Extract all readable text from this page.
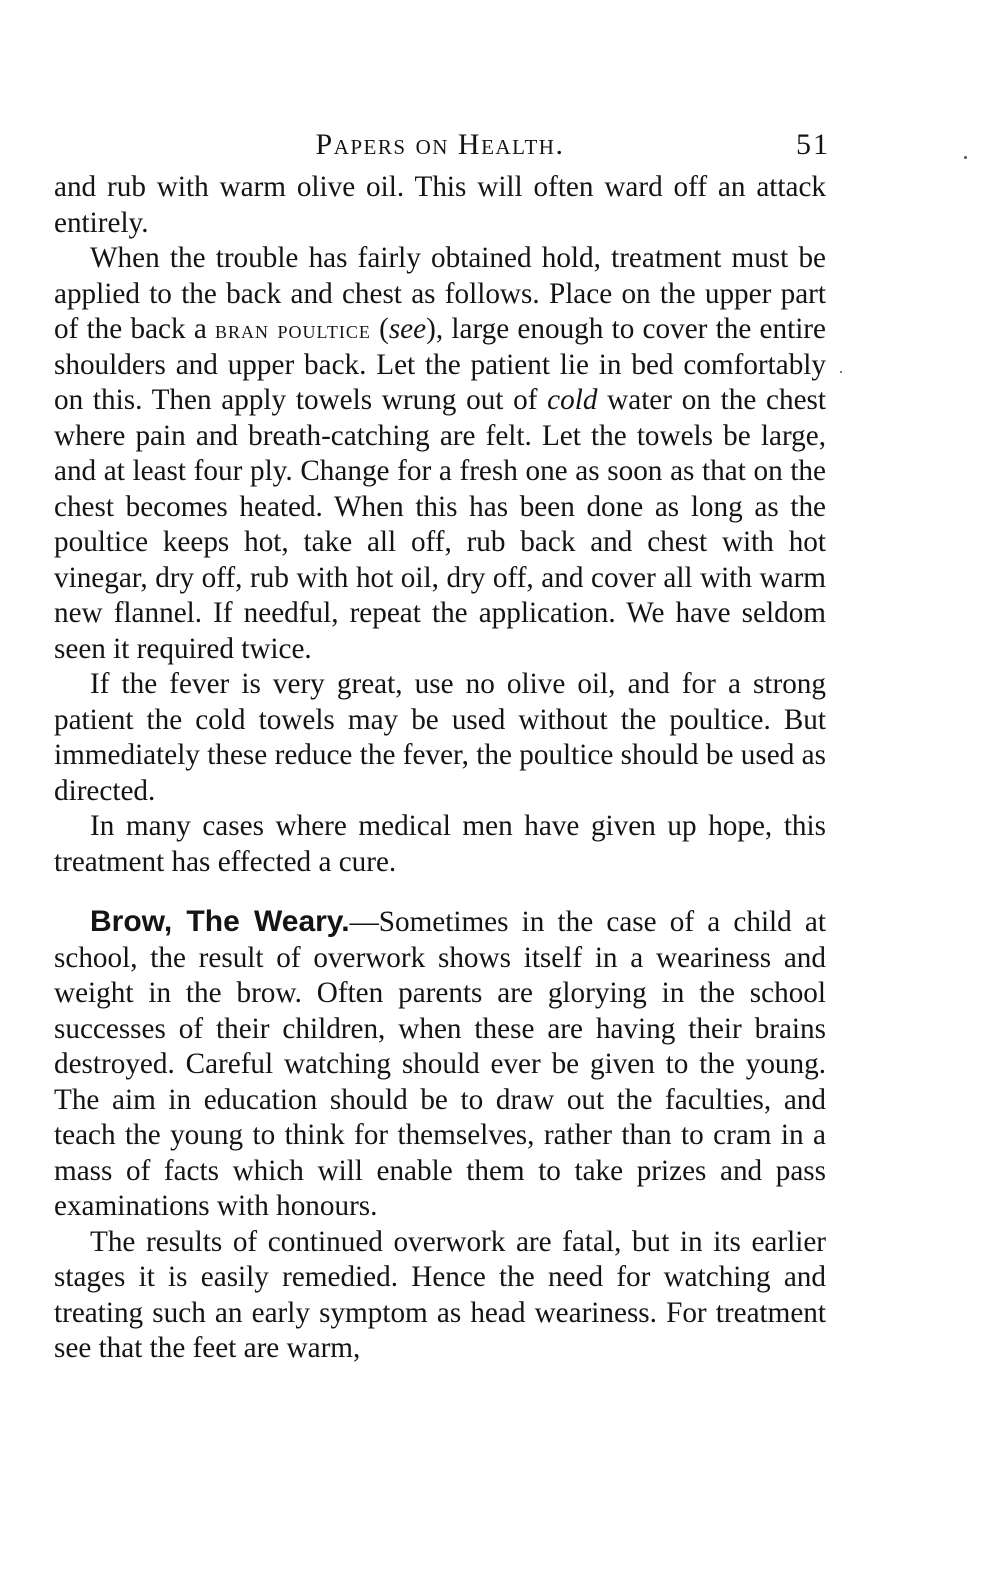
Papers on Health.	51

and rub with warm olive oil. This will often ward off an attack entirely.

When the trouble has fairly obtained hold, treatment must be applied to the back and chest as follows. Place on the upper part of the back a bran poultice (see), large enough to cover the entire shoulders and upper back. Let the patient lie in bed comfortably on this. Then apply towels wrung out of cold water on the chest where pain and breath-catching are felt. Let the towels be large, and at least four ply. Change for a fresh one as soon as that on the chest becomes heated. When this has been done as long as the poultice keeps hot, take all off, rub back and chest with hot vinegar, dry off, rub with hot oil, dry off, and cover all with warm new flannel. If needful, repeat the application. We have seldom seen it required twice.

If the fever is very great, use no olive oil, and for a strong patient the cold towels may be used without the poultice. But immediately these reduce the fever, the poultice should be used as directed.

In many cases where medical men have given up hope, this treatment has effected a cure.

Brow, The Weary.—Sometimes in the case of a child at school, the result of overwork shows itself in a weariness and weight in the brow. Often parents are glorying in the school successes of their children, when these are having their brains destroyed. Careful watching should ever be given to the young. The aim in education should be to draw out the faculties, and teach the young to think for themselves, rather than to cram in a mass of facts which will enable them to take prizes and pass examinations with honours.

The results of continued overwork are fatal, but in its earlier stages it is easily remedied. Hence the need for watching and treating such an early symptom as head weariness. For treatment see that the feet are warm,
